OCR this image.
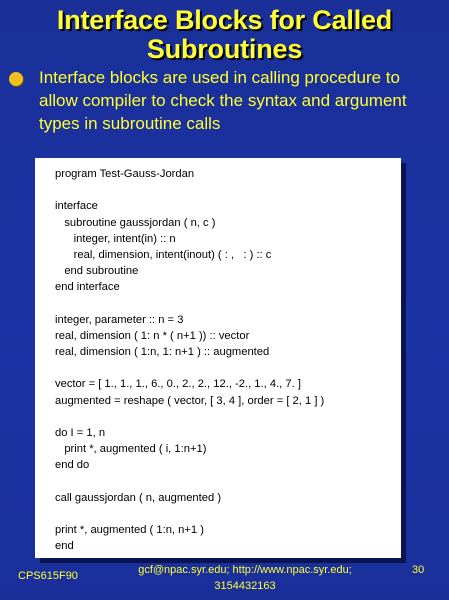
Interface Blocks for Called Subroutines
Interface blocks are used in calling procedure to allow compiler to check the syntax and argument types in subroutine calls
program Test-Gauss-Jordan
interface
subroutine gaussjordan ( n, c )
integer, intent(in) :: n
real, dimension, intent(inout) ( : ,   : ) :: c
end subroutine
end interface
integer, parameter :: n = 3
real, dimension ( 1: n * ( n+1 )) :: vector
real, dimension ( 1:n, 1: n+1 ) :: augmented
vector = [ 1., 1., 1., 6., 0., 2., 2., 12., -2., 1., 4., 7. ]
augmented = reshape ( vector, [ 3, 4 ], order = [ 2, 1 ] )
do I = 1, n
print *, augmented ( i, 1:n+1)
end do
call gaussjordan ( n, augmented )
print *, augmented ( 1:n, n+1 )
end
CPS615F90	gcf@npac.syr.edu; http://www.npac.syr.edu;
3154432163
30
